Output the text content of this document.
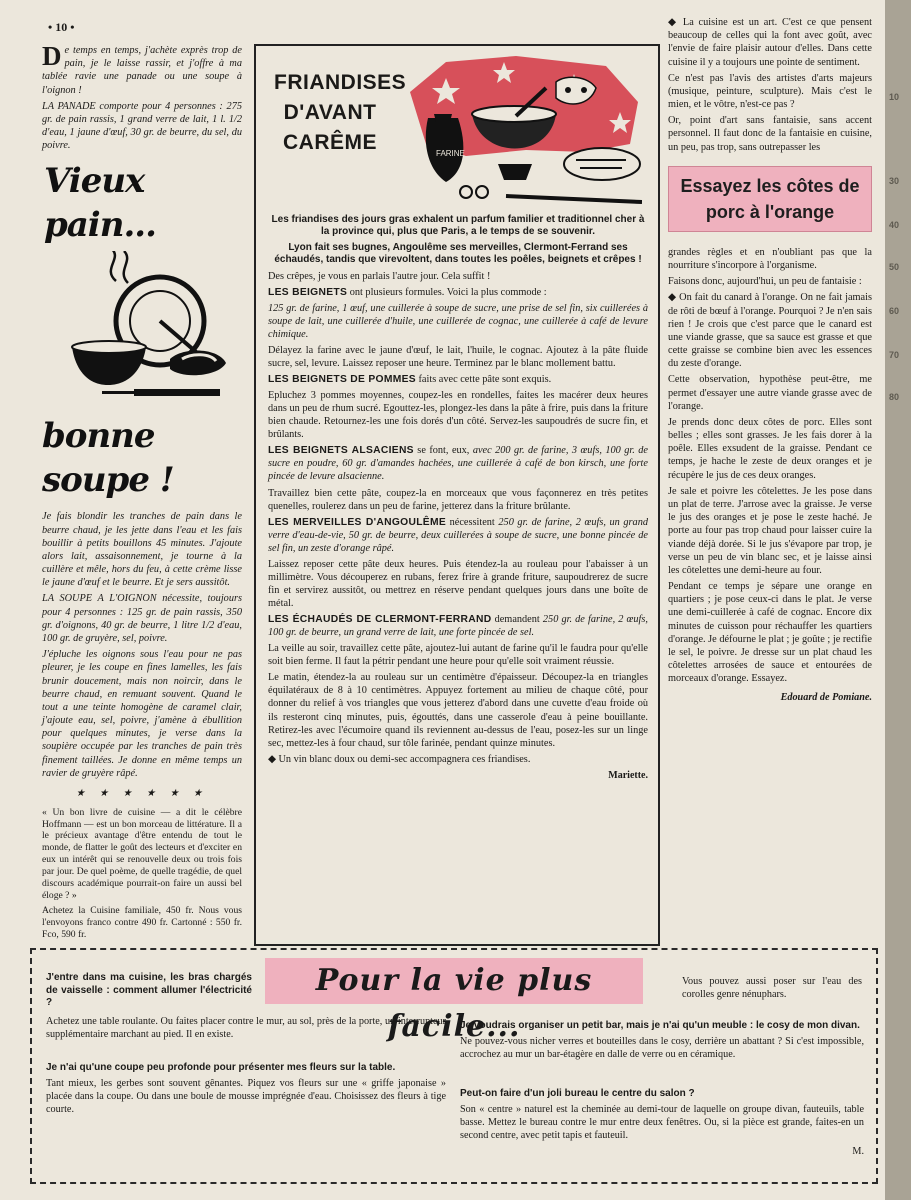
• 10 •

De temps en temps, j'achète exprès trop de pain, je le laisse rassir, et j'offre à ma tablée ravie une panade ou une soupe à l'oignon !

LA PANADE comporte pour 4 personnes : 275 gr. de pain rassis, 1 grand verre de lait, 1 l. 1/2 d'eau, 1 jaune d'œuf, 30 gr. de beurre, du sel, du poivre.

Vieux pain...
bonne soupe !

Je fais blondir les tranches de pain dans le beurre chaud, je les jette dans l'eau et les fais bouillir à petits bouillons 45 minutes. J'ajoute alors lait, assaisonnement, je tourne à la cuillère et mêle, hors du feu, à cette crème lisse le jaune d'œuf et le beurre. Et je sers aussitôt.

LA SOUPE A L'OIGNON nécessite, toujours pour 4 personnes : 125 gr. de pain rassis, 350 gr. d'oignons, 40 gr. de beurre, 1 litre 1/2 d'eau, 100 gr. de gruyère, sel, poivre.

J'épluche les oignons sous l'eau pour ne pas pleurer, je les coupe en fines lamelles, les fais brunir doucement, mais non noircir, dans le beurre chaud, en remuant souvent. Quand le tout a une teinte homogène de caramel clair, j'ajoute eau, sel, poivre, j'amène à ébullition pour quelques minutes, je verse dans la soupière occupée par les tranches de pain très finement taillées. Je donne en même temps un ravier de gruyère râpé.

★ ★ ★ ★ ★ ★

« Un bon livre de cuisine — a dit le célèbre Hoffmann — est un bon morceau de littérature. Il a le précieux avantage d'être entendu de tout le monde, de flatter le goût des lecteurs et d'exciter en eux un intérêt qui se renouvelle deux ou trois fois par jour. De quel poème, de quelle tragédie, de quel discours académique pourrait-on faire un aussi bel éloge ? »

Achetez la Cuisine familiale, 450 fr. Nous vous l'envoyons franco contre 490 fr. Cartonné : 550 fr. Fco, 590 fr.

FRIANDISES
D'AVANT
CARÊME	FARINE

Les friandises des jours gras exhalent un parfum familier et traditionnel cher à la province qui, plus que Paris, a le temps de se souvenir.

Lyon fait ses bugnes, Angoulême ses merveilles, Clermont-Ferrand ses échaudés, tandis que virevoltent, dans toutes les poêles, beignets et crêpes !

Des crêpes, je vous en parlais l'autre jour. Cela suffit !

LES BEIGNETS ont plusieurs formules. Voici la plus commode :

125 gr. de farine, 1 œuf, une cuillerée à soupe de sucre, une prise de sel fin, six cuillerées à soupe de lait, une cuillerée d'huile, une cuillerée de cognac, une cuillerée à café de levure chimique.

Délayez la farine avec le jaune d'œuf, le lait, l'huile, le cognac. Ajoutez à la pâte fluide sucre, sel, levure. Laissez reposer une heure. Terminez par le blanc mollement battu.

LES BEIGNETS DE POMMES faits avec cette pâte sont exquis.

Epluchez 3 pommes moyennes, coupez-les en rondelles, faites les macérer deux heures dans un peu de rhum sucré. Egouttez-les, plongez-les dans la pâte à frire, puis dans la friture bien chaude. Retournez-les une fois dorés d'un côté. Servez-les saupoudrés de sucre fin, et brûlants.

LES BEIGNETS ALSACIENS se font, eux, avec 200 gr. de farine, 3 œufs, 100 gr. de sucre en poudre, 60 gr. d'amandes hachées, une cuillerée à café de bon kirsch, une forte pincée de levure alsacienne.

Travaillez bien cette pâte, coupez-la en morceaux que vous façonnerez en très petites quenelles, roulerez dans un peu de farine, jetterez dans la friture brûlante.

LES MERVEILLES D'ANGOULÊME nécessitent 250 gr. de farine, 2 œufs, un grand verre d'eau-de-vie, 50 gr. de beurre, deux cuillerées à soupe de sucre, une bonne pincée de sel fin, un zeste d'orange râpé.

Laissez reposer cette pâte deux heures. Puis étendez-la au rouleau pour l'abaisser à un millimètre. Vous découperez en rubans, ferez frire à grande friture, saupoudrerez de sucre fin et servirez aussitôt, ou mettrez en réserve pendant quelques jours dans une boîte de métal.

LES ÉCHAUDÉS DE CLERMONT-FERRAND demandent 250 gr. de farine, 2 œufs, 100 gr. de beurre, un grand verre de lait, une forte pincée de sel.

La veille au soir, travaillez cette pâte, ajoutez-lui autant de farine qu'il le faudra pour qu'elle soit bien ferme. Il faut la pétrir pendant une heure pour qu'elle soit vraiment réussie.

Le matin, étendez-la au rouleau sur un centimètre d'épaisseur. Découpez-la en triangles équilatéraux de 8 à 10 centimètres. Appuyez fortement au milieu de chaque côté, pour donner du relief à vos triangles que vous jetterez d'abord dans une cuvette d'eau froide où ils resteront cinq minutes, puis, égouttés, dans une casserole d'eau à peine bouillante. Retirez-les avec l'écumoire quand ils reviennent au-dessus de l'eau, posez-les sur un linge sec, mettez-les à four chaud, sur tôle farinée, pendant quinze minutes.

◆ Un vin blanc doux ou demi-sec accompagnera ces friandises.

Mariette.

◆ La cuisine est un art. C'est ce que pensent beaucoup de celles qui la font avec goût, avec l'envie de faire plaisir autour d'elles. Dans cette cuisine il y a toujours une pointe de sentiment.

Ce n'est pas l'avis des artistes d'arts majeurs (musique, peinture, sculpture). Mais c'est le mien, et le vôtre, n'est-ce pas ?

Or, point d'art sans fantaisie, sans accent personnel. Il faut donc de la fantaisie en cuisine, un peu, pas trop, sans outrepasser les

Essayez les côtes de porc à l'orange

grandes règles et en n'oubliant pas que la nourriture s'incorpore à l'organisme.

Faisons donc, aujourd'hui, un peu de fantaisie :

◆ On fait du canard à l'orange. On ne fait jamais de rôti de bœuf à l'orange. Pourquoi ? Je n'en sais rien ! Je crois que c'est parce que le canard est une viande grasse, que sa sauce est grasse et que cette graisse se combine bien avec les essences du zeste d'orange.

Cette observation, hypothèse peut-être, me permet d'essayer une autre viande grasse avec de l'orange.

Je prends donc deux côtes de porc. Elles sont belles ; elles sont grasses. Je les fais dorer à la poêle. Elles exsudent de la graisse. Pendant ce temps, je hache le zeste de deux oranges et je récupère le jus de ces deux oranges.

Je sale et poivre les côtelettes. Je les pose dans un plat de terre. J'arrose avec la graisse. Je verse le jus des oranges et je pose le zeste haché. Je porte au four pas trop chaud pour laisser cuire la viande déjà dorée. Si le jus s'évapore par trop, je verse un peu de vin blanc sec, et je laisse ainsi les côtelettes une demi-heure au four.

Pendant ce temps je sépare une orange en quartiers ; je pose ceux-ci dans le plat. Je verse une demi-cuillerée à café de cognac. Encore dix minutes de cuisson pour réchauffer les quartiers d'orange. Je défourne le plat ; je goûte ; je rectifie le sel, le poivre. Je dresse sur un plat chaud les côtelettes arrosées de sauce et entourées de morceaux d'orange. Essayez.

Edouard de Pomiane.
Pour la vie plus facile...

J'entre dans ma cuisine, les bras chargés de vaisselle : comment allumer l'électricité ?

Achetez une table roulante. Ou faites placer contre le mur, au sol, près de la porte, un interrupteur supplémentaire marchant au pied. Il en existe.

Je n'ai qu'une coupe peu profonde pour présenter mes fleurs sur la table.

Tant mieux, les gerbes sont souvent gênantes. Piquez vos fleurs sur une « griffe japonaise » placée dans la coupe. Ou dans une boule de mousse imprégnée d'eau. Choisissez des fleurs à tige courte.

Vous pouvez aussi poser sur l'eau des corolles genre nénuphars.

Je voudrais organiser un petit bar, mais je n'ai qu'un meuble : le cosy de mon divan.

Ne pouvez-vous nicher verres et bouteilles dans le cosy, derrière un abattant ? Si c'est impossible, accrochez au mur un bar-étagère en dalle de verre ou en céramique.

Peut-on faire d'un joli bureau le centre du salon ?

Son « centre » naturel est la cheminée au demi-tour de laquelle on groupe divan, fauteuils, table basse. Mettez le bureau contre le mur entre deux fenêtres. Ou, si la pièce est grande, faites-en un second centre, avec petit tapis et fauteuil.

M.

10
30
40
50
60
70
80
